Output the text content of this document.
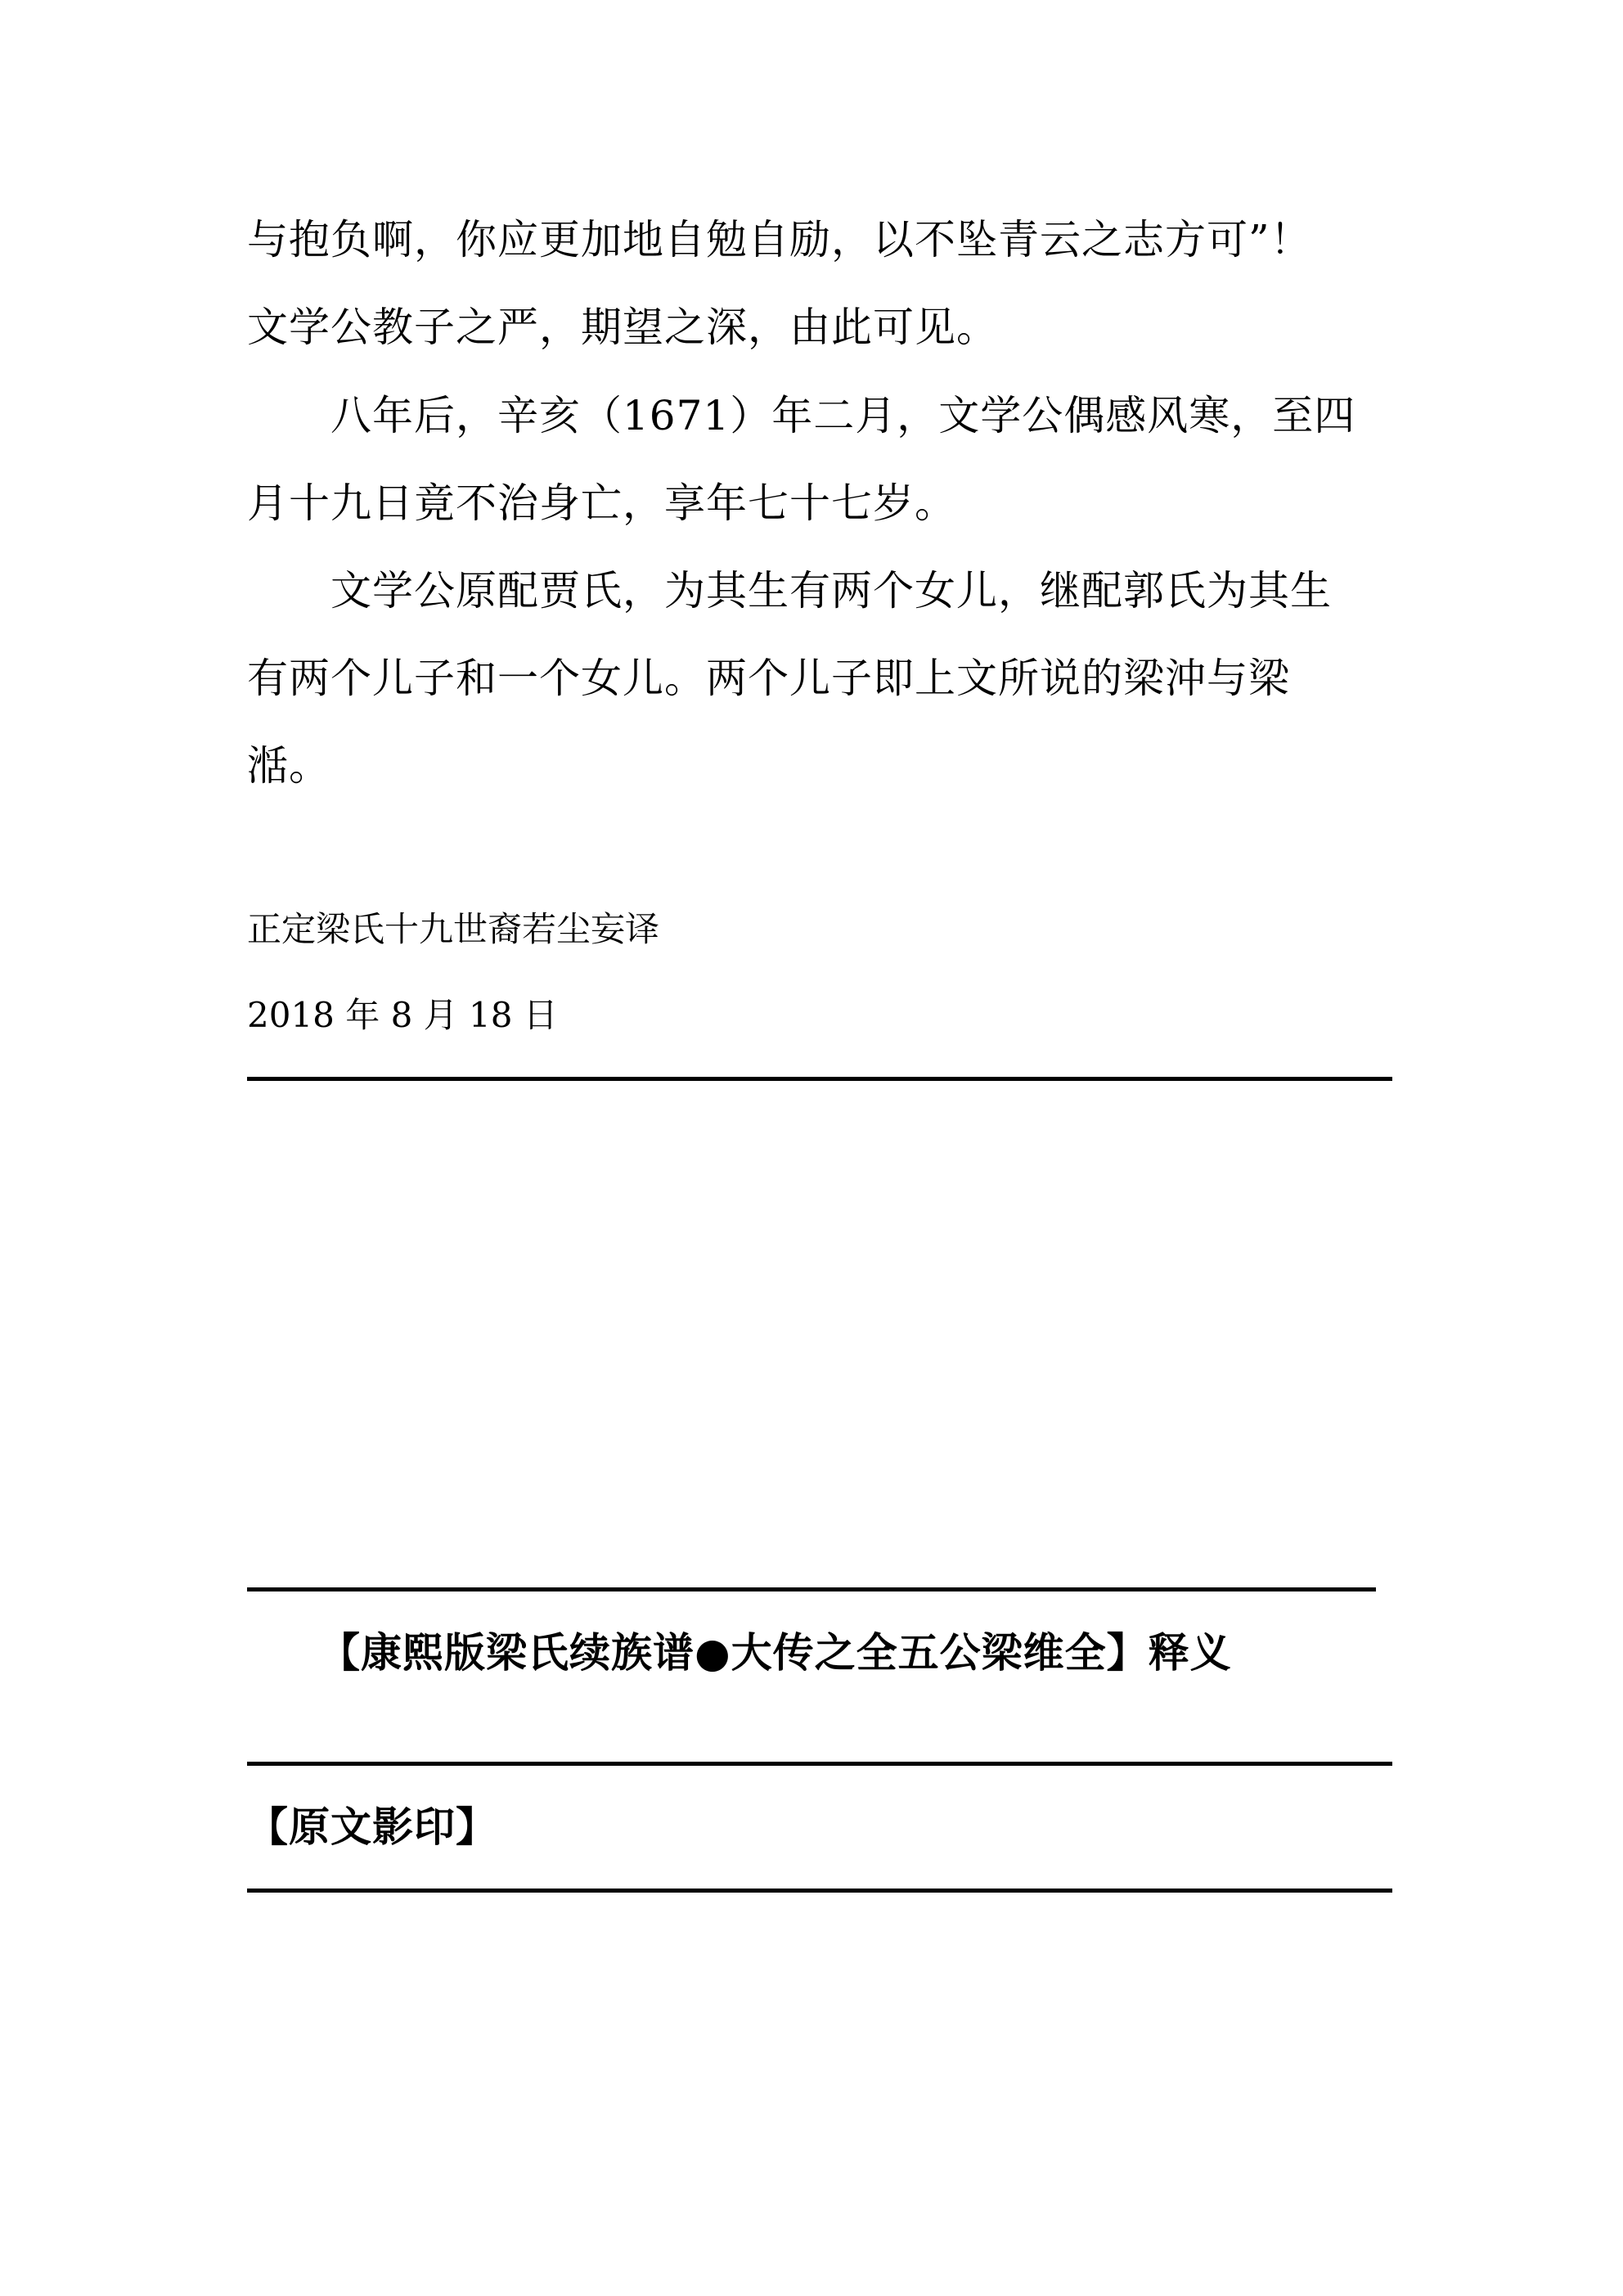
与抱负啊，你应更加地自勉自励，以不坠青云之志方可”！
文学公教子之严，期望之深，由此可见。
　　八年后，辛亥（1671）年二月，文学公偶感风寒，至四
月十九日竟不治身亡，享年七十七岁。
　　文学公原配贾氏，为其生有两个女儿，继配郭氏为其生
有两个儿子和一个女儿。两个儿子即上文所说的梁沖与梁
湉。
正定梁氏十九世裔若尘妄译
2018 年 8 月 18 日
【康熙版梁氏续族谱●大传之全五公梁维全】释义
【原文影印】
